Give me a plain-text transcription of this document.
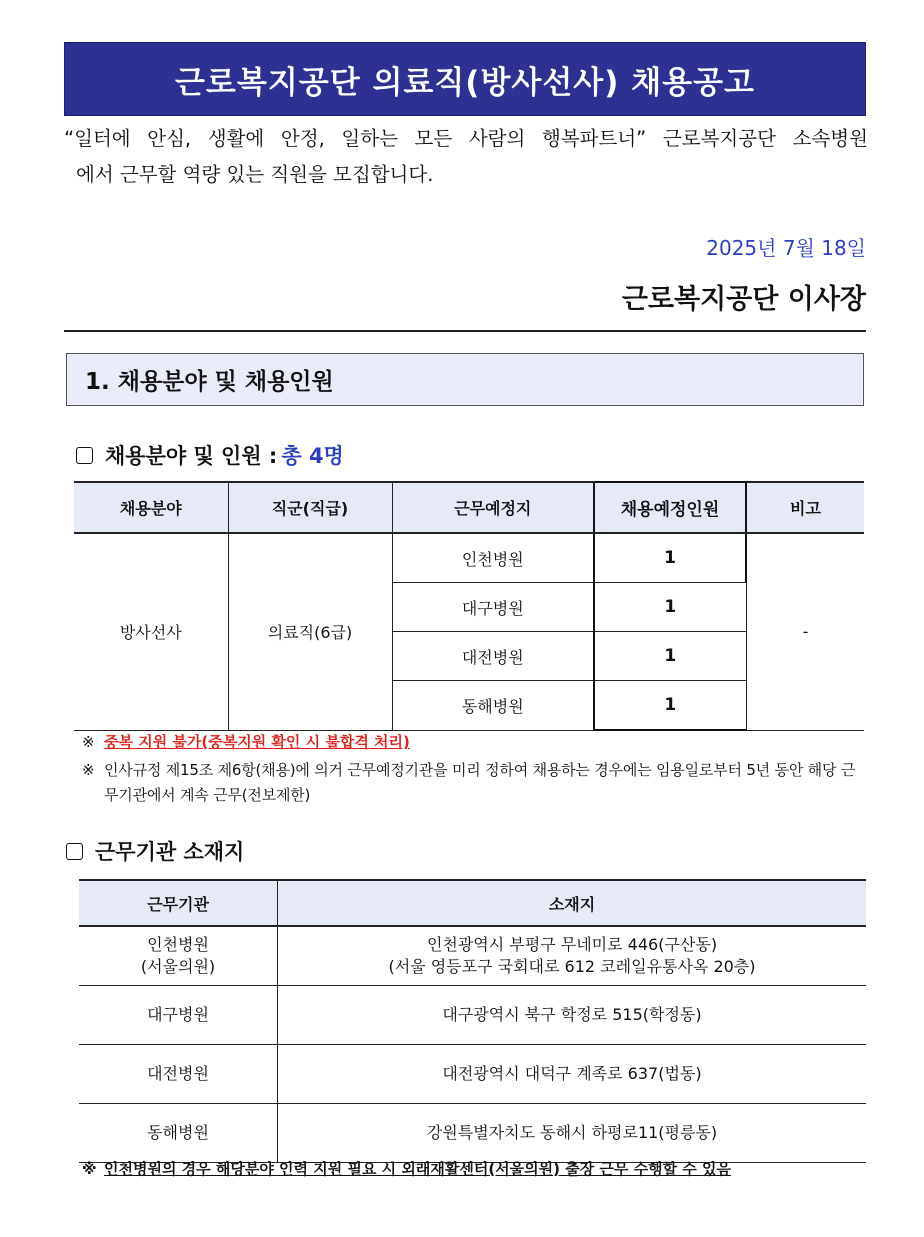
근로복지공단 의료직(방사선사) 채용공고
“일터에 안심, 생활에 안정, 일하는 모든 사람의 행복파트너” 근로복지공단 소속병원
에서 근무할 역량 있는 직원을 모집합니다.
2025년 7월 18일
근로복지공단 이사장
1. 채용분야 및 채용인원
채용분야 및 인원 : 총 4명
채용분야	직군(직급)	근무예정지	채용예정인원	비고
방사선사	의료직(6급)	인천병원	1	-
		대구병원	1	
		대전병원	1	
		동해병원	1	
※ 중복 지원 불가(중복지원 확인 시 불합격 처리)
※ 인사규정 제15조 제6항(채용)에 의거 근무예정기관을 미리 정하여 채용하는 경우에는 임용일로부터 5년 동안 해당 근무기관에서 계속 근무(전보제한)
근무기관 소재지
근무기관	소재지
인천병원
(서울의원)	인천광역시 부평구 무네미로 446(구산동)
(서울 영등포구 국회대로 612 코레일유통사옥 20층)
대구병원	대구광역시 북구 학정로 515(학정동)
대전병원	대전광역시 대덕구 계족로 637(법동)
동해병원	강원특별자치도 동해시 하평로11(평릉동)
※ 인천병원의 경우 해당분야 인력 지원 필요 시 외래재활센터(서울의원) 출장 근무 수행할 수 있음
